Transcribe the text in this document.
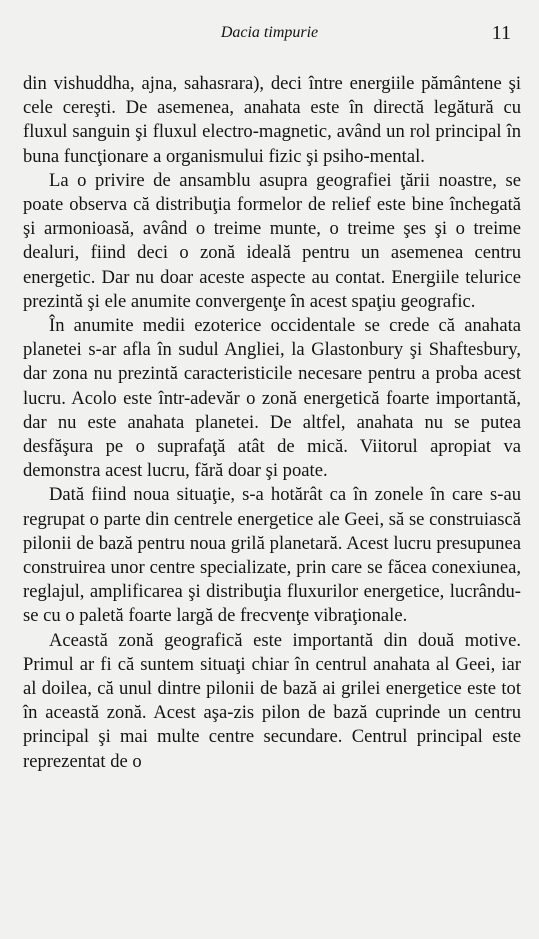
Dacia timpurie	11

din vishuddha, ajna, sahasrara), deci între energiile pământene şi cele cereşti. De asemenea, anahata este în directă legătură cu fluxul sanguin şi fluxul electro-magnetic, având un rol principal în buna funcţionare a organismului fizic şi psiho-mental.

La o privire de ansamblu asupra geografiei ţării noastre, se poate observa că distribuţia formelor de relief este bine închegată şi armonioasă, având o treime munte, o treime şes şi o treime dealuri, fiind deci o zonă ideală pentru un asemenea centru energetic. Dar nu doar aceste aspecte au contat. Energiile telurice prezintă şi ele anumite convergenţe în acest spaţiu geografic.

În anumite medii ezoterice occidentale se crede că anahata planetei s-ar afla în sudul Angliei, la Glastonbury şi Shaftesbury, dar zona nu prezintă caracteristicile necesare pentru a proba acest lucru. Acolo este într-adevăr o zonă energetică foarte importantă, dar nu este anahata planetei. De altfel, anahata nu se putea desfăşura pe o suprafaţă atât de mică. Viitorul apropiat va demonstra acest lucru, fără doar şi poate.

Dată fiind noua situaţie, s-a hotărât ca în zonele în care s-au regrupat o parte din centrele energetice ale Geei, să se construiască pilonii de bază pentru noua grilă planetară. Acest lucru presupunea construirea unor centre specializate, prin care se făcea conexiunea, reglajul, amplificarea şi distribuţia fluxurilor energetice, lucrându-se cu o paletă foarte largă de frecvenţe vibraţionale.

Această zonă geografică este importantă din două motive. Primul ar fi că suntem situaţi chiar în centrul anahata al Geei, iar al doilea, că unul dintre pilonii de bază ai grilei energetice este tot în această zonă. Acest aşa-zis pilon de bază cuprinde un centru principal şi mai multe centre secundare. Centrul principal este reprezentat de o
